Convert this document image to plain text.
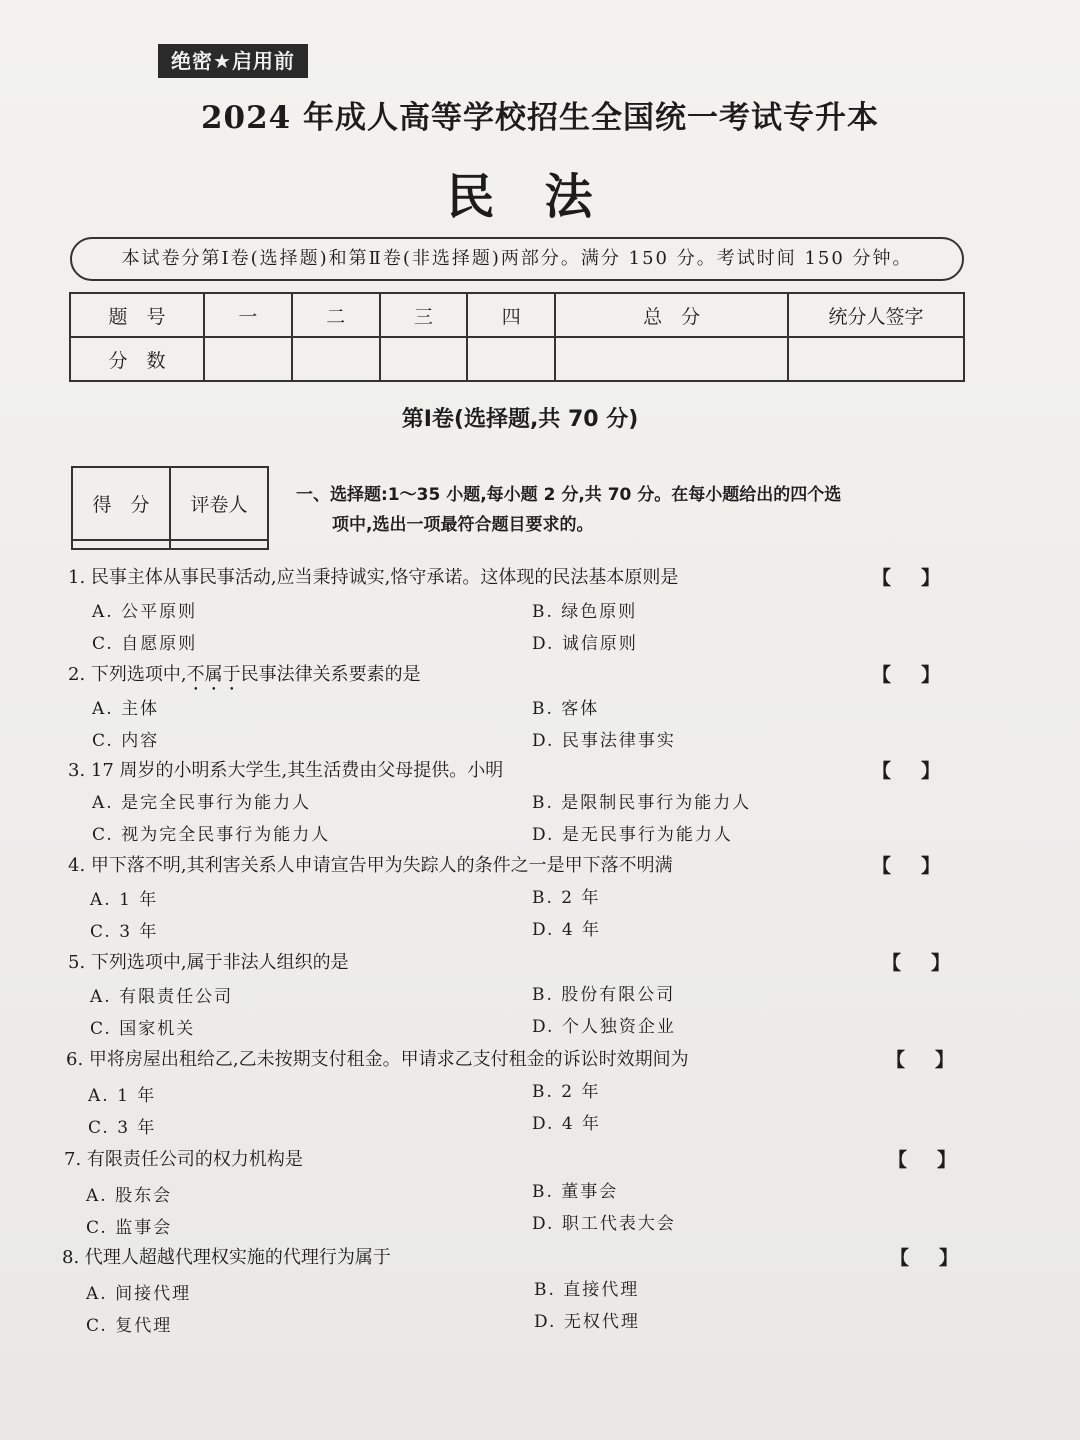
绝密★启用前
2024 年成人高等学校招生全国统一考试专升本
民　法
本试卷分第Ⅰ卷(选择题)和第Ⅱ卷(非选择题)两部分。满分 150 分。考试时间 150 分钟。
题　号	一	二	三	四	总　分	统分人签字
分　数						
第Ⅰ卷(选择题,共 70 分)
得　分	评卷人
		一、选择题:1～35 小题,每小题 2 分,共 70 分。在每小题给出的四个选
项中,选出一项最符合题目要求的。
1. 民事主体从事民事活动,应当秉持诚实,恪守承诺。这体现的民法基本原则是	【】
A. 公平原则	B. 绿色原则
C. 自愿原则	D. 诚信原则
2. 下列选项中,不属于民事法律关系要素的是	【】
A. 主体	B. 客体
C. 内容	D. 民事法律事实
3. 17 周岁的小明系大学生,其生活费由父母提供。小明	【】
A. 是完全民事行为能力人	B. 是限制民事行为能力人
C. 视为完全民事行为能力人	D. 是无民事行为能力人
4. 甲下落不明,其利害关系人申请宣告甲为失踪人的条件之一是甲下落不明满	【】
A. 1 年	B. 2 年
C. 3 年	D. 4 年
5. 下列选项中,属于非法人组织的是	【】
A. 有限责任公司	B. 股份有限公司
C. 国家机关	D. 个人独资企业
6. 甲将房屋出租给乙,乙未按期支付租金。甲请求乙支付租金的诉讼时效期间为	【】
A. 1 年	B. 2 年
C. 3 年	D. 4 年
7. 有限责任公司的权力机构是	【】
A. 股东会	B. 董事会
C. 监事会	D. 职工代表大会
8. 代理人超越代理权实施的代理行为属于	【】
A. 间接代理	B. 直接代理
C. 复代理	D. 无权代理
